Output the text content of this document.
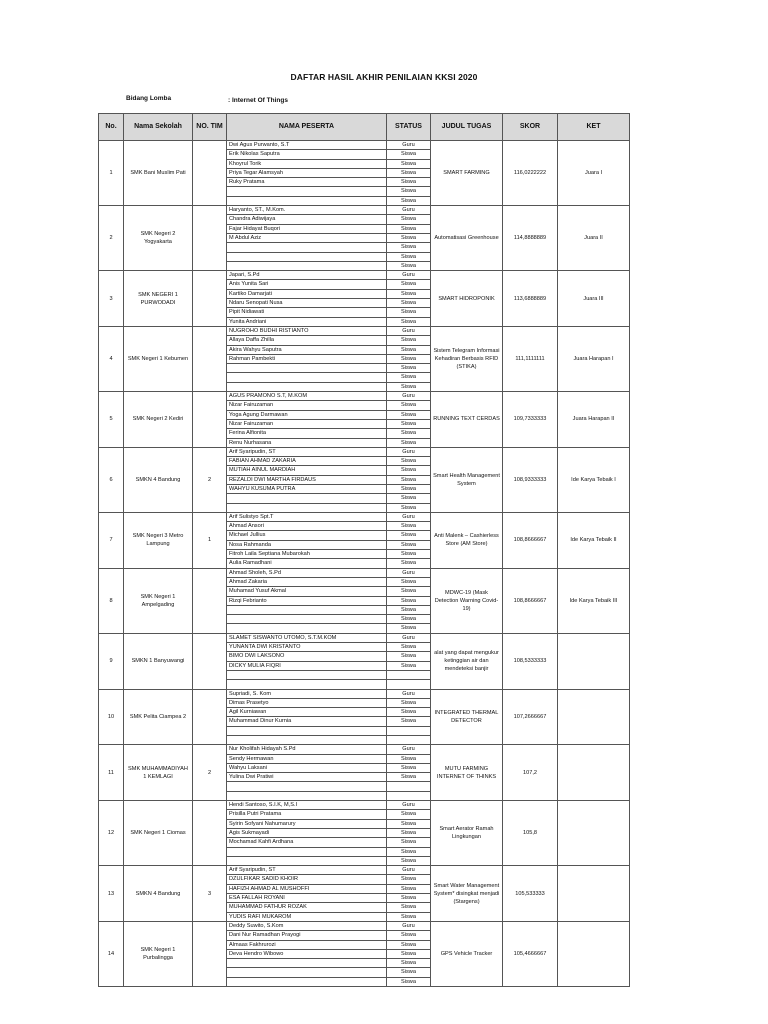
DAFTAR HASIL AKHIR PENILAIAN KKSI 2020
Bidang Lomba	: Internet Of Things
No.	Nama Sekolah	NO. TIM	NAMA PESERTA	STATUS	JUDUL TUGAS	SKOR	KET
1	SMK Bani Muslim Pati		Dwi Agus Purwanto, S.T	Guru	SMART FARMING	116,0222222	Juara I
			Erik Nikolas Saputra	Siswa			
			Khoyrul Torik	Siswa			
			Priya Tegar Alamsyah	Siswa			
			Ruky Pratama	Siswa			
				Siswa			
				Siswa			
2	SMK Negeri 2 Yogyakarta		Haryanto, ST., M.Kom.	Guru	Automatisasi Greenhouse	114,8888889	Juara II
			Chandra Adiwijaya	Siswa			
			Fajar Hidayat Buqori	Siswa			
			M Abdul Aziz	Siswa			
				Siswa			
				Siswa			
				Siswa			
3	SMK NEGERI 1 PURWODADI		Japari, S.Pd	Guru	SMART HIDROPONIK	113,6888889	Juara III
			Anis Yunita Sari	Siswa			
			Kartiko Damarjati	Siswa			
			Ndaru Senopati Nusa	Siswa			
			Pipit Nidiawati	Siswa			
			Yunita Andriani	Siswa			
4	SMK Negeri 1 Kebumen		NUGROHO BUDHI RISTIANTO	Guru	Sistem Telegram Informasi Kehadiran Berbasis RFID (STIKA)	111,1111111	Juara Harapan I
			Allaya Daffa Zhilla	Siswa			
			Akira Wahyu Saputra	Siswa			
			Rahman Pambekti	Siswa			
				Siswa			
				Siswa			
				Siswa			
5	SMK Negeri 2 Kediri		AGUS PRAMONO S.T, M.KOM	Guru	RUNNING TEXT CERDAS	109,7333333	Juara Harapan II
			Nizar Fairuzaman	Siswa			
			Yoga Agung Darmawan	Siswa			
			Nizar Fairuzaman	Siswa			
			Ferina Alfionita	Siswa			
			Renu Nurhasana	Siswa			
6	SMKN 4 Bandung	2	Arif Syaripudin, ST	Guru	Smart Health Management System	108,9333333	Ide Karya Tebaik I
			FABIAN AHMAD ZAKARIA	Siswa			
			MUTIAH AINUL MARDIAH	Siswa			
			REZALDI DWI MARTHA FIRDAUS	Siswa			
			WAHYU KUSUMA PUTRA	Siswa			
				Siswa			
				Siswa			
7	SMK Negeri 3 Metro Lampung	1	Arif Sulistyo Spt.T	Guru	Anti Malenk – Cashierless Store (AM Store)	108,8666667	Ide Karya Tebaik II
			Ahmad Ansori	Siswa			
			Michael Jullius	Siswa			
			Nosa Rahmanda	Siswa			
			Fitroh Laila Septiana Mubarokah	Siswa			
			Aulia Ramadhani	Siswa			
8	SMK Negeri 1 Ampelgading		Ahmad Sholeh, S.Pd	Guru	MDWC-19 (Mask Detection Warning Covid-19)	108,8666667	Ide Karya Tebaik III
			Ahmad Zakaria	Siswa			
			Muhamad Yusuf Akmal	Siswa			
			Rizqi Febrianto	Siswa			
				Siswa			
				Siswa			
				Siswa			
9	SMKN 1 Banyuwangi		SLAMET SISWANTO UTOMO, S.T.M.KOM	Guru	alat yang dapat mengukur ketinggian air dan mendeteksi banjir	108,5333333	
			YUNANTA DWI KRISTANTO	Siswa			
			BIMO DWI LAKSONO	Siswa			
			DICKY MULIA FIQRI	Siswa			

10	SMK Pelita Ciampea 2		Supriadi, S. Kom	Guru	INTEGRATED THERMAL DETECTOR	107,2666667	
			Dimas Prasetyo	Siswa			
			Agil Kurniawan	Siswa			
			Muhammad Dinur Kurnia	Siswa			

11	SMK MUHAMMADIYAH 1 KEMLAGI	2	Nur Kholifah Hidayah S.Pd	Guru	MUTU FARMING INTERNET OF THINKS	107,2	
			Sendy Hermawan	Siswa			
			Wahyu Laksani	Siswa			
			Yulina Dwi Pratiwi	Siswa			

12	SMK Negeri 1 Ciomas		Hendi Santoso, S.I.K, M,S.I	Guru	Smart Aerator Ramah Lingkungan	105,8	
			Prisilla Putri Pratama	Siswa			
			Syirin Sofyani Nahumarury	Siswa			
			Agis Sukmayadi	Siswa			
			Mochamad Kahfi Ardhana	Siswa			
				Siswa			
				Siswa			
13	SMKN 4 Bandung	3	Arif Syaripudin, ST	Guru	Smart Water Management System* disingkat menjadi (Stargens)	105,533333	
			DZULFIKAR SADID KHOIR	Siswa			
			HAFIZH AHMAD AL MUSHOFFI	Siswa			
			ESA FALLAH ROYANI	Siswa			
			MUHAMMAD FATHUR ROZAK	Siswa			
			YUDIS RAFI MUKAROM	Siswa			
14	SMK Negeri 1 Purbalingga		Deddy Suwito, S.Kom	Guru	GPS Vehicle Tracker	105,4666667	
			Dani Nur Ramadhan Prayogi	Siswa			
			Almaas Fakhrurozi	Siswa			
			Deva Hendro Wibowo	Siswa			
				Siswa			
				Siswa			
				Siswa			
